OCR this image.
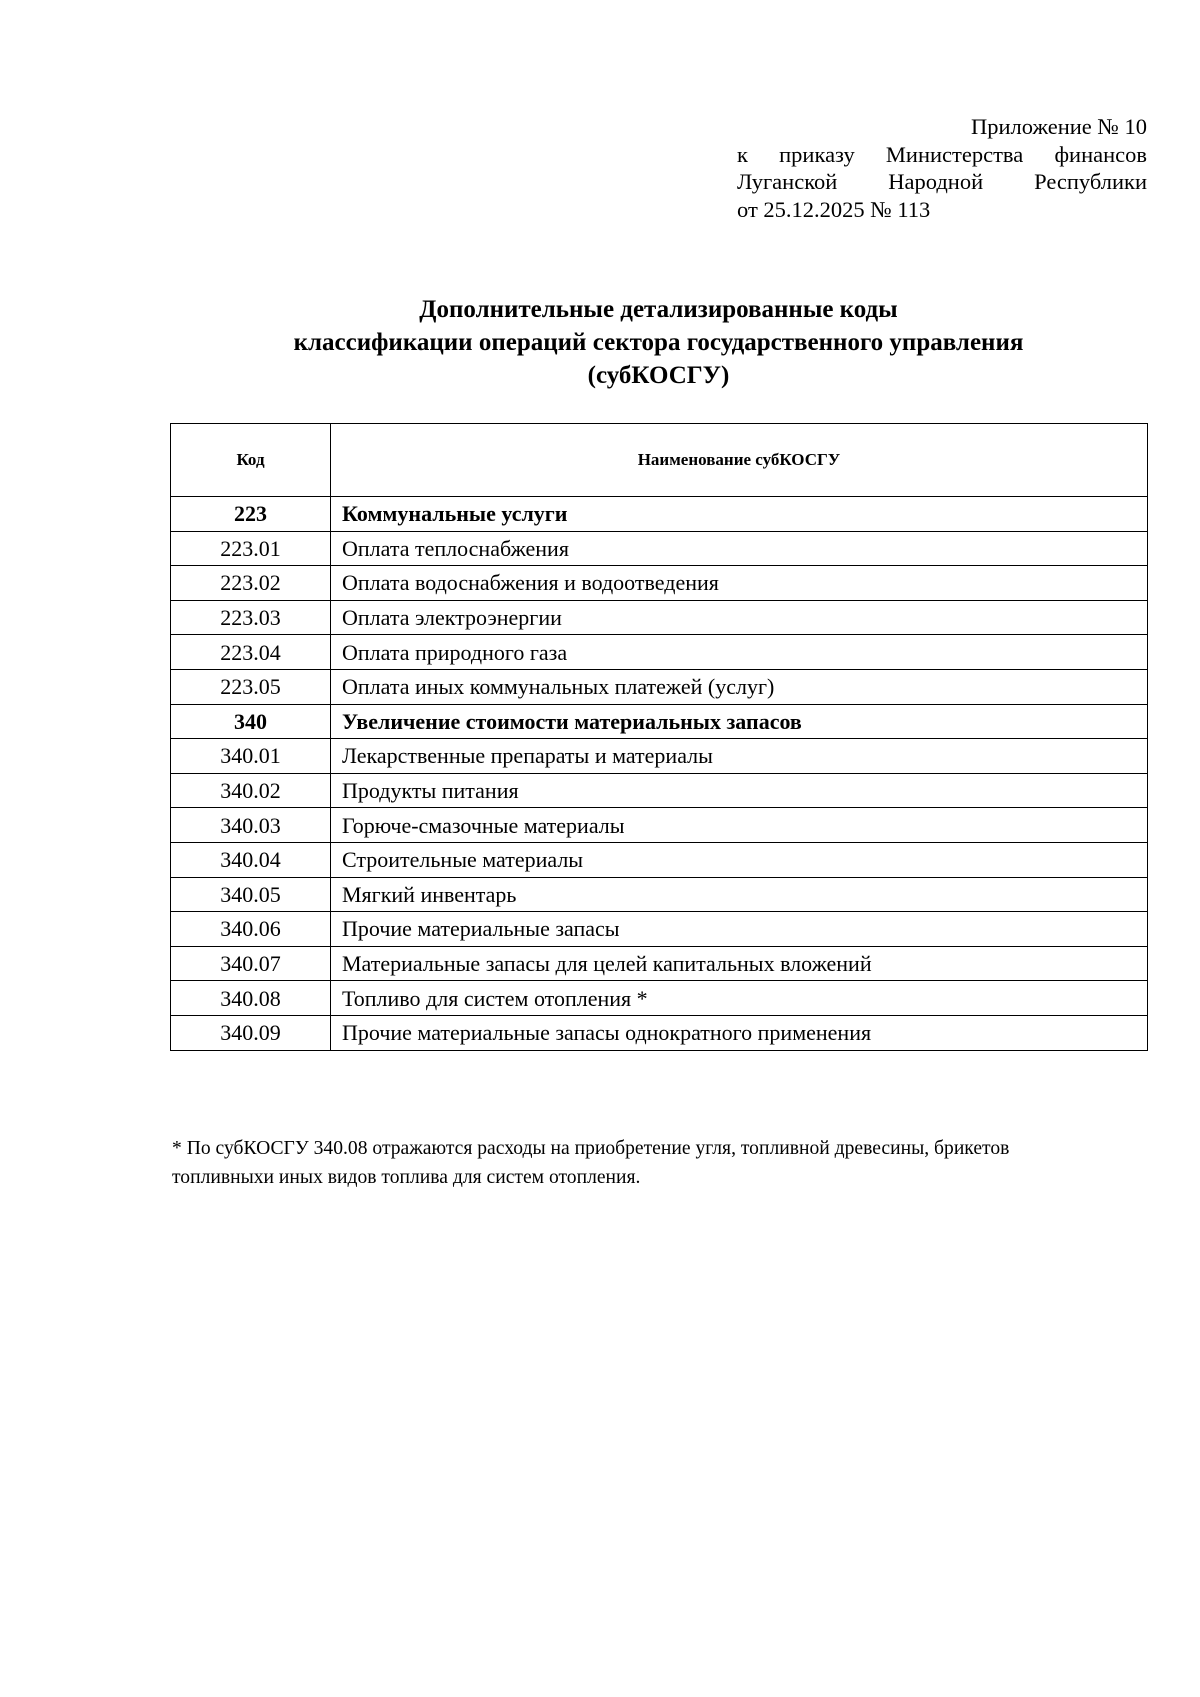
Приложение № 10
к приказу Министерства финансов
Луганской Народной Республики
от 25.12.2025 № 113
Дополнительные детализированные коды
классификации операций сектора государственного управления
(субКОСГУ)
Код	Наименование субКОСГУ
223	Коммунальные услуги
223.01	Оплата теплоснабжения
223.02	Оплата водоснабжения и водоотведения
223.03	Оплата электроэнергии
223.04	Оплата природного газа
223.05	Оплата иных коммунальных платежей (услуг)
340	Увеличение стоимости материальных запасов
340.01	Лекарственные препараты и материалы
340.02	Продукты питания
340.03	Горюче-смазочные материалы
340.04	Строительные материалы
340.05	Мягкий инвентарь
340.06	Прочие материальные запасы
340.07	Материальные запасы для целей капитальных вложений
340.08	Топливо для систем отопления *
340.09	Прочие материальные запасы однократного применения
* По субКОСГУ 340.08 отражаются расходы на приобретение угля, топливной древесины, брикетов
топливныхи иных видов топлива для систем отопления.
